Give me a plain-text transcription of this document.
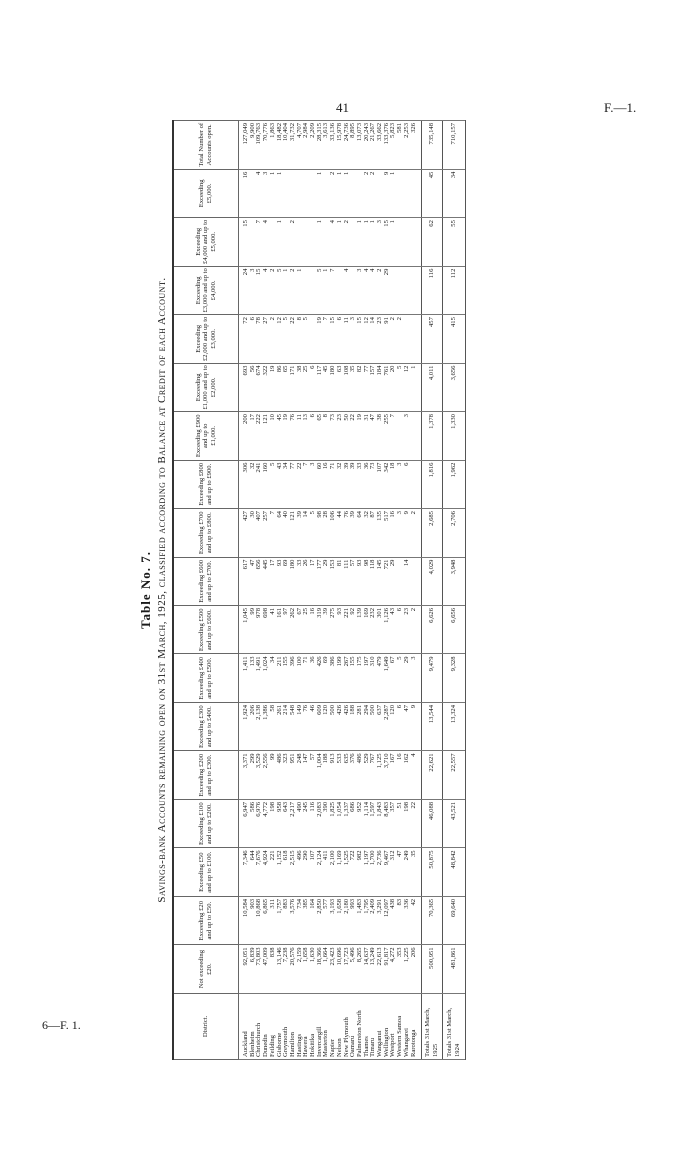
41	F.—1.
6—F. 1.
Table No. 7. Savings-bank Accounts remaining open on 31st March, 1925, classified according to Balance at Credit of each Account.
District.	Not exceeding £20.	Exceeding £20 and up to £50.	Exceeding £50 and up to £100.	Exceeding £100 and up to £200.	Exceeding £200 and up to £300.	Exceeding £300 and up to £400.	Exceeding £400 and up to £500.	Exceeding £500 and up to £600.	Exceeding £600 and up to £700.	Exceeding £700 and up to £800.	Exceeding £800 and up to £900.	Exceeding £900 and up to £1,000.	Exceeding £1,000 and up to £2,000.	Exceeding £2,000 and up to £3,000.	Exceeding £3,000 and up to £4,000.	Exceeding £4,000 and up to £5,000.	Exceeding £5,000.	Total Number of Accounts open.
Auckland	92,051	10,584	7,346	6,947	3,371	1,924	1,411	1,045	617	427	306	200	693	72	24	15	16	127,049
Blenheim	6,839	903	644	586	299	206	133	99	47	30	32	17	56	6	3			9,900
Christchurch	73,803	10,868	7,676	6,976	3,529	2,138	1,491	978	656	407	241	222	674	78	15	7	4	109,763
Dunedin	47,009	6,865	4,924	4,772	2,556	1,386	1,024	698	445	257	160	121	322	27	4	4	3	70,776
Feilding	838	311	221	198	99	58	34	41	17	7	5	10	19	2	2		1	1,863
Gisborne	13,146	1,757	1,152	958	486	261	211	161	93	64	43	45	86	12	5	1	1	18,482
Greymouth	7,238	883	618	643	323	214	155	97	69	40	34	19	65	5	1			10,404
Hamilton	20,576	3,576	2,515	2,217	951	548	396	262	180	121	77	76	171	22	2	2		31,732
Hastings	2,159	734	496	490	248	149	100	67	33	39	22	11	38	8	1			4,707
Hawera	1,658	385	290	245	147	76	71	25	26	14	7	13	25	5				2,984
Hokitika	1,630	164	107	116	57	46	36	16	17	5	3	6	6					2,209
Invercargill	18,366	2,850	2,124	2,083	1,004	609	426	319	177	98	60	65	117	19	5	1	1	28,315
Masterton	1,664	577	411	390	188	120	69	39	29	28	16	8	45	7	1			3,613
Napier	23,423	3,193	2,100	1,825	913	500	386	275	153	106	71	73	180	15	7	4	2	33,136
Nelson	10,696	1,658	1,169	1,054	533	426	199	93	81	44	32	23	63	6		1	1	15,978
New Plymouth	17,723	2,180	1,525	1,337	635	426	267	221	111	76	39	50	108	11	4	2	1	24,736
Oamaru	5,496	993	722	686	376	188	155	92	57	39	39	22	35	3				8,895
Palmerston North	8,265	1,483	982	952	486	281	175	139	93	64	33	19	82	15	3	1		13,073
Thames	14,637	1,795	1,197	1,114	529	294	197	169	98	32	36	31	77	12	4	1	2	20,243
Timaru	13,249	2,409	1,700	1,597	767	500	310	232	118	87	73	47	157	14	4	1	2	21,267
Wanganui	22,613	3,291	2,736	1,843	1,125	637	479	301	145	135	107	38	184	23	2	3		33,662
Wellington	91,817	12,097	9,467	8,483	3,710	2,287	1,649	1,126	721	517	342	255	761	91	29	15	9	133,376
Westport	4,272	438	312	357	167	120	67	43	29	16	18	7	20	2		1	1	5,823
Western Samoa	353	83	47	51	16	6	5	6		3	3		5	2				581
Whangarei	1,225	336	249	198	162	47	29	23	14	9	6	3	12					2,253
Rarotonga	206	42	35	22	4	9	3	2		2			1					326
Totals 31st March, 1925	500,951	70,365	50,875	46,088	22,621	13,544	9,479	6,626	4,029	2,685	1,816	1,378	4,011	457	116	62	45	735,148
Totals 31st March, 1924	481,861	69,640	48,842	43,521	22,557	13,324	9,328	6,656	3,948	2,706	1,962	1,330	3,656	415	112	55	34	710,157
